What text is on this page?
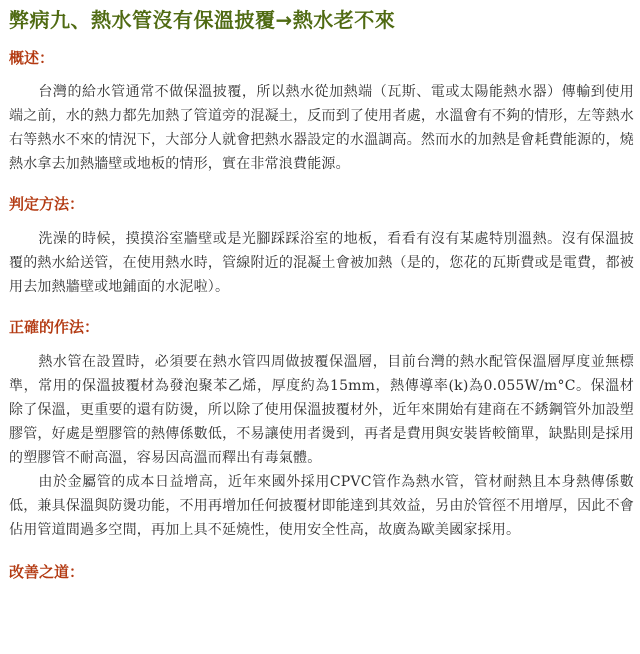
弊病九、熱水管沒有保溫披覆→熱水老不來
概述：

台灣的給水管通常不做保溫披覆，所以熱水從加熱端（瓦斯、電或太陽能熱水器）傳輸到使用端之前，水的熱力都先加熱了管道旁的混凝土，反而到了使用者處，水溫會有不夠的情形，左等熱水右等熱水不來的情況下，大部分人就會把熱水器設定的水溫調高。然而水的加熱是會耗費能源的，燒熱水拿去加熱牆壁或地板的情形，實在非常浪費能源。

判定方法：

洗澡的時候，摸摸浴室牆壁或是光腳踩踩浴室的地板，看看有沒有某處特別溫熱。沒有保溫披覆的熱水給送管，在使用熱水時，管線附近的混凝土會被加熱（是的，您花的瓦斯費或是電費，都被用去加熱牆壁或地鋪面的水泥啦）。

正確的作法：

熱水管在設置時，必須要在熱水管四周做披覆保溫層，目前台灣的熱水配管保溫層厚度並無標準，常用的保溫披覆材為發泡聚苯乙烯，厚度約為15mm，熱傳導率(k)為0.055W/m°C。保溫材除了保溫，更重要的還有防燙，所以除了使用保溫披覆材外，近年來開始有建商在不銹鋼管外加設塑膠管，好處是塑膠管的熱傳係數低，不易讓使用者燙到，再者是費用與安裝皆較簡單，缺點則是採用的塑膠管不耐高溫，容易因高溫而釋出有毒氣體。

由於金屬管的成本日益增高，近年來國外採用CPVC管作為熱水管，管材耐熱且本身熱傳係數低，兼具保溫與防燙功能，不用再增加任何披覆材即能達到其效益，另由於管徑不用增厚，因此不會佔用管道間過多空間，再加上具不延燒性，使用安全性高，故廣為歐美國家採用。

改善之道：
